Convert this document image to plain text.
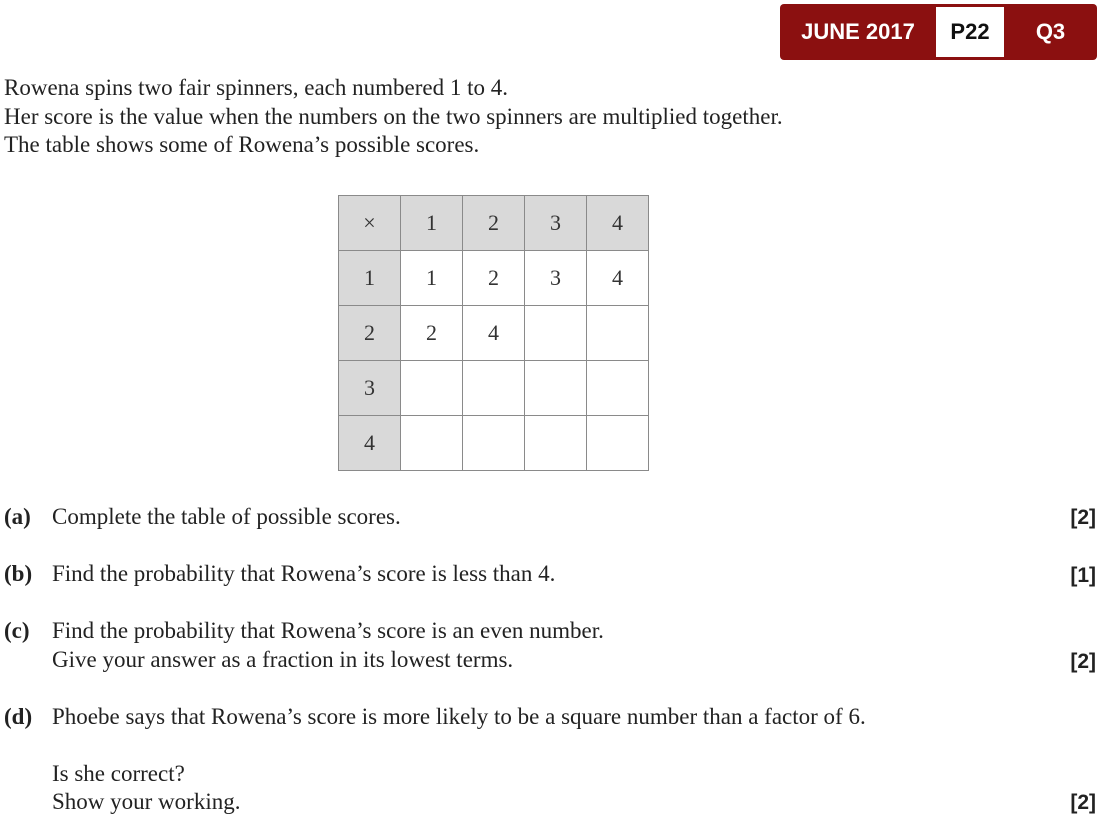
JUNE 2017	P22	Q3

Rowena spins two fair spinners, each numbered 1 to 4.

Her score is the value when the numbers on the two spinners are multiplied together.

The table shows some of Rowena’s possible scores.

×	1	2	3	4
1	1	2	3	4
2	2	4		
3				
4				
(a) Complete the table of possible scores.	[2]
(b) Find the probability that Rowena’s score is less than 4.	[1]
(c) Find the probability that Rowena’s score is an even number.

Give your answer as a fraction in its lowest terms.	[2]
(d) Phoebe says that Rowena’s score is more likely to be a square number than a factor of 6.

Is she correct?

Show your working.	[2]
